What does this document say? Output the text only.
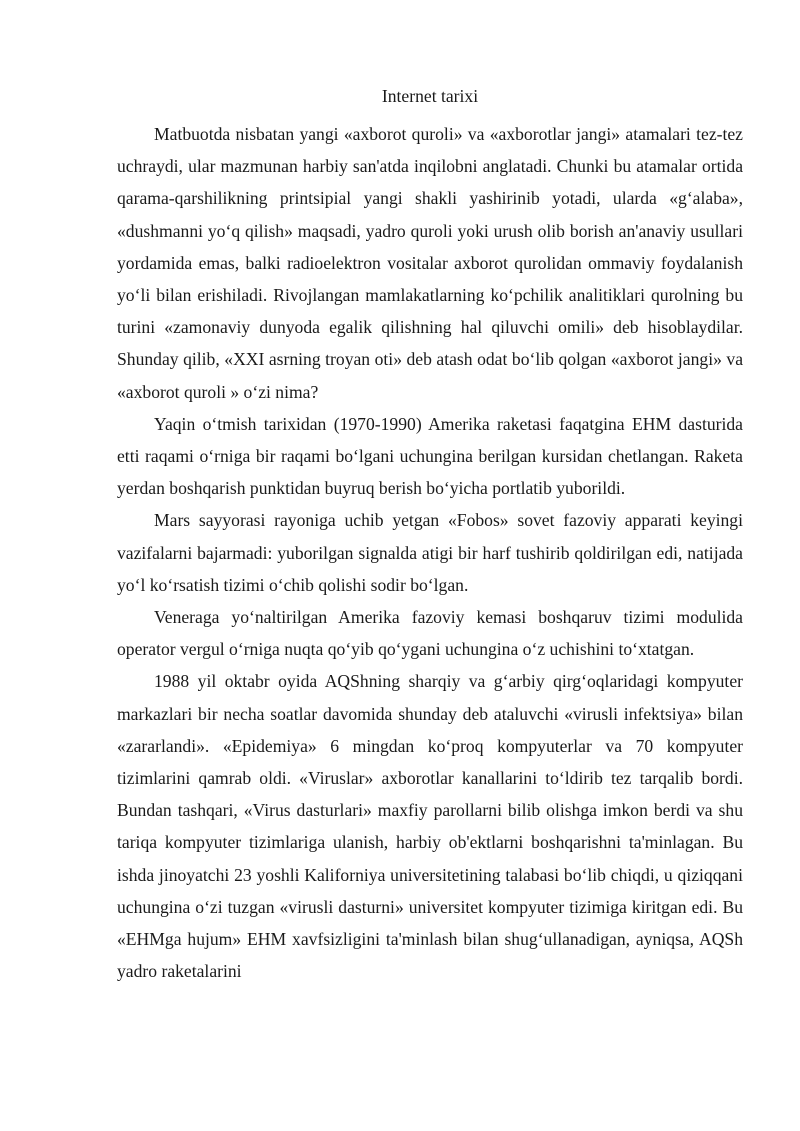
Internet tarixi

Matbuotda nisbatan yangi «axborot quroli» va «axborotlar jangi» atamalari tez-tez uchraydi, ular mazmunan harbiy san'atda inqilobni anglatadi. Chunki bu atamalar ortida qarama-qarshilikning printsipial yangi shakli yashirinib yotadi, ularda «g‘alaba», «dushmanni yo‘q qilish» maqsadi, yadro quroli yoki urush olib borish an'anaviy usullari yordamida emas, balki radioelektron vositalar axborot qurolidan ommaviy foydalanish yo‘li bilan erishiladi. Rivojlangan mamlakatlarning ko‘pchilik analitiklari qurolning bu turini «zamonaviy dunyoda egalik qilishning hal qiluvchi omili» deb hisoblaydilar. Shunday qilib, «XXI asrning troyan oti» deb atash odat bo‘lib qolgan «axborot jangi» va «axborot quroli » o‘zi nima?

Yaqin o‘tmish tarixidan (1970-1990) Amerika raketasi faqatgina EHM dasturida etti raqami o‘rniga bir raqami bo‘lgani uchungina berilgan kursidan chetlangan. Raketa yerdan boshqarish punktidan buyruq berish bo‘yicha portlatib yuborildi.

Mars sayyorasi rayoniga uchib yetgan «Fobos» sovet fazoviy apparati keyingi vazifalarni bajarmadi: yuborilgan signalda atigi bir harf tushirib qoldirilgan edi, natijada yo‘l ko‘rsatish tizimi o‘chib qolishi sodir bo‘lgan.

Veneraga yo‘naltirilgan Amerika fazoviy kemasi boshqaruv tizimi modulida operator vergul o‘rniga nuqta qo‘yib qo‘ygani uchungina o‘z uchishini to‘xtatgan.

1988 yil oktabr oyida AQShning sharqiy va g‘arbiy qirg‘oqlaridagi kompyuter markazlari bir necha soatlar davomida shunday deb ataluvchi «virusli infektsiya» bilan «zararlandi». «Epidemiya» 6 mingdan ko‘proq kompyuterlar va 70 kompyuter tizimlarini qamrab oldi. «Viruslar» axborotlar kanallarini to‘ldirib tez tarqalib bordi. Bundan tashqari, «Virus dasturlari» maxfiy parollarni bilib olishga imkon berdi va shu tariqa kompyuter tizimlariga ulanish, harbiy ob'ektlarni boshqarishni ta'minlagan. Bu ishda jinoyatchi 23 yoshli Kaliforniya universitetining talabasi bo‘lib chiqdi, u qiziqqani uchungina o‘zi tuzgan «virusli dasturni» universitet kompyuter tizimiga kiritgan edi. Bu «EHMga hujum» EHM xavfsizligini ta'minlash bilan shug‘ullanadigan, ayniqsa, AQSh yadro raketalarini
